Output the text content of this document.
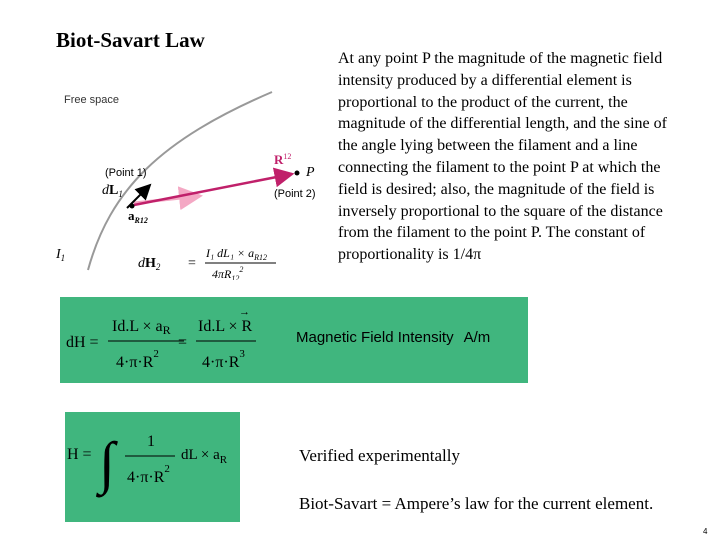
Biot-Savart Law
At any point P the magnitude of the magnetic field intensity produced by a differential element is proportional to the product of the current, the magnitude of the differential length, and the sine of the angle lying between the filament and a line connecting the filament to the point P at which the field is desired; also, the magnitude of the field is inversely proportional to the square of the distance from the filament to the point P. The constant of proportionality is 1/4π
Free space
(Point 1)
$dL_1$
$a_{R12}$
$R^{12}$
P
(Point 2)
$I_1$	$dH_2$ =
I₁ $dL_1 \times a_{R12}$
$4\pi R_{12}^2$
dH =
Id.L × aR
$4\cdot\pi\cdot R^2$
=
Id.L × R
→
$4\cdot\pi\cdot R^3$
Magnetic Field Intensity A/m
H = ∫ 1
$4\cdot\pi\cdot R^2$
dL × $a_R$	Verified experimentally
Biot-Savart = Ampere’s law for the current element.
4
